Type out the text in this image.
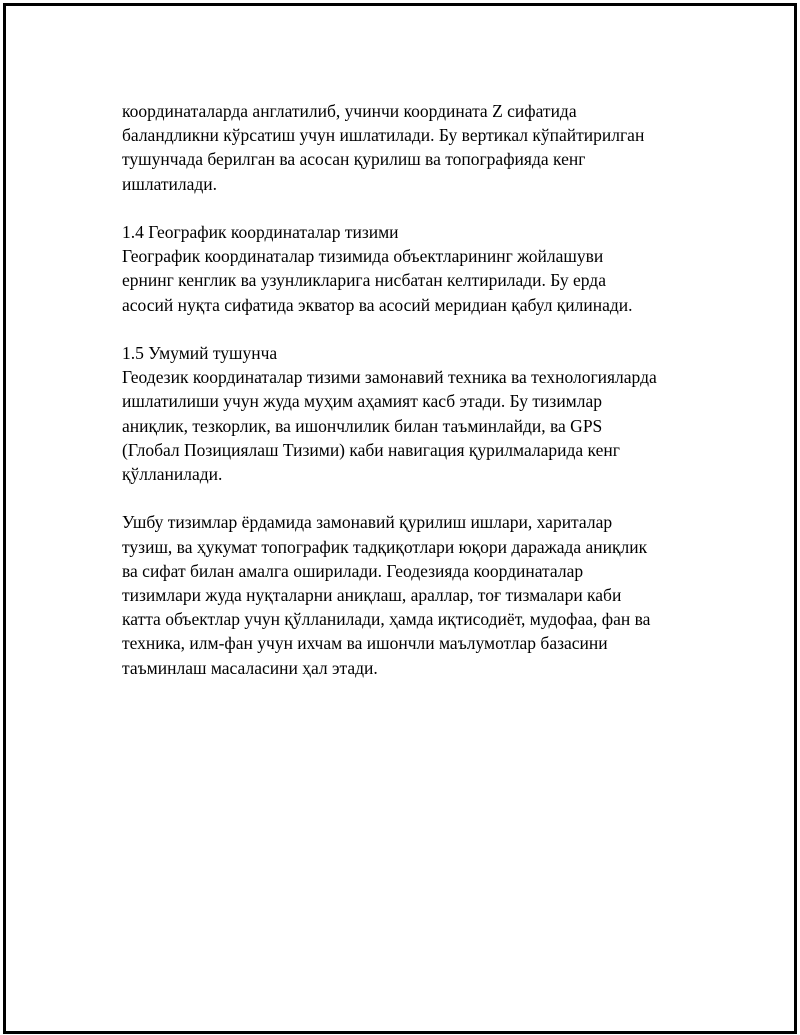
координаталарда англатилиб, учинчи координата Z сифатида
баландликни кўрсатиш учун ишлатилади. Бу вертикал кўпайтирилган
тушунчада берилган ва асосан қурилиш ва топографияда кенг
ишлатилади.
1.4 Географик координаталар тизими
Географик координаталар тизимида объектларининг жойлашуви
ернинг кенглик ва узунликларига нисбатан келтирилади. Бу ерда
асосий нуқта сифатида экватор ва асосий меридиан қабул қилинади.
1.5 Умумий тушунча
Геодезик координаталар тизими замонавий техника ва технологияларда
ишлатилиши учун жуда муҳим аҳамият касб этади. Бу тизимлар
аниқлик, тезкорлик, ва ишончлилик билан таъминлайди, ва GPS
(Глобал Позициялаш Тизими) каби навигация қурилмаларида кенг
қўлланилади.
Ушбу тизимлар ёрдамида замонавий қурилиш ишлари, хариталар
тузиш, ва ҳукумат топографик тадқиқотлари юқори даражада аниқлик
ва сифат билан амалга оширилади. Геодезияда координаталар
тизимлари жуда нуқталарни аниқлаш, араллар, тоғ тизмалари каби
катта объектлар учун қўлланилади, ҳамда иқтисодиёт, мудофаа, фан ва
техника, илм-фан учун ихчам ва ишончли маълумотлар базасини
таъминлаш масаласини ҳал этади.
